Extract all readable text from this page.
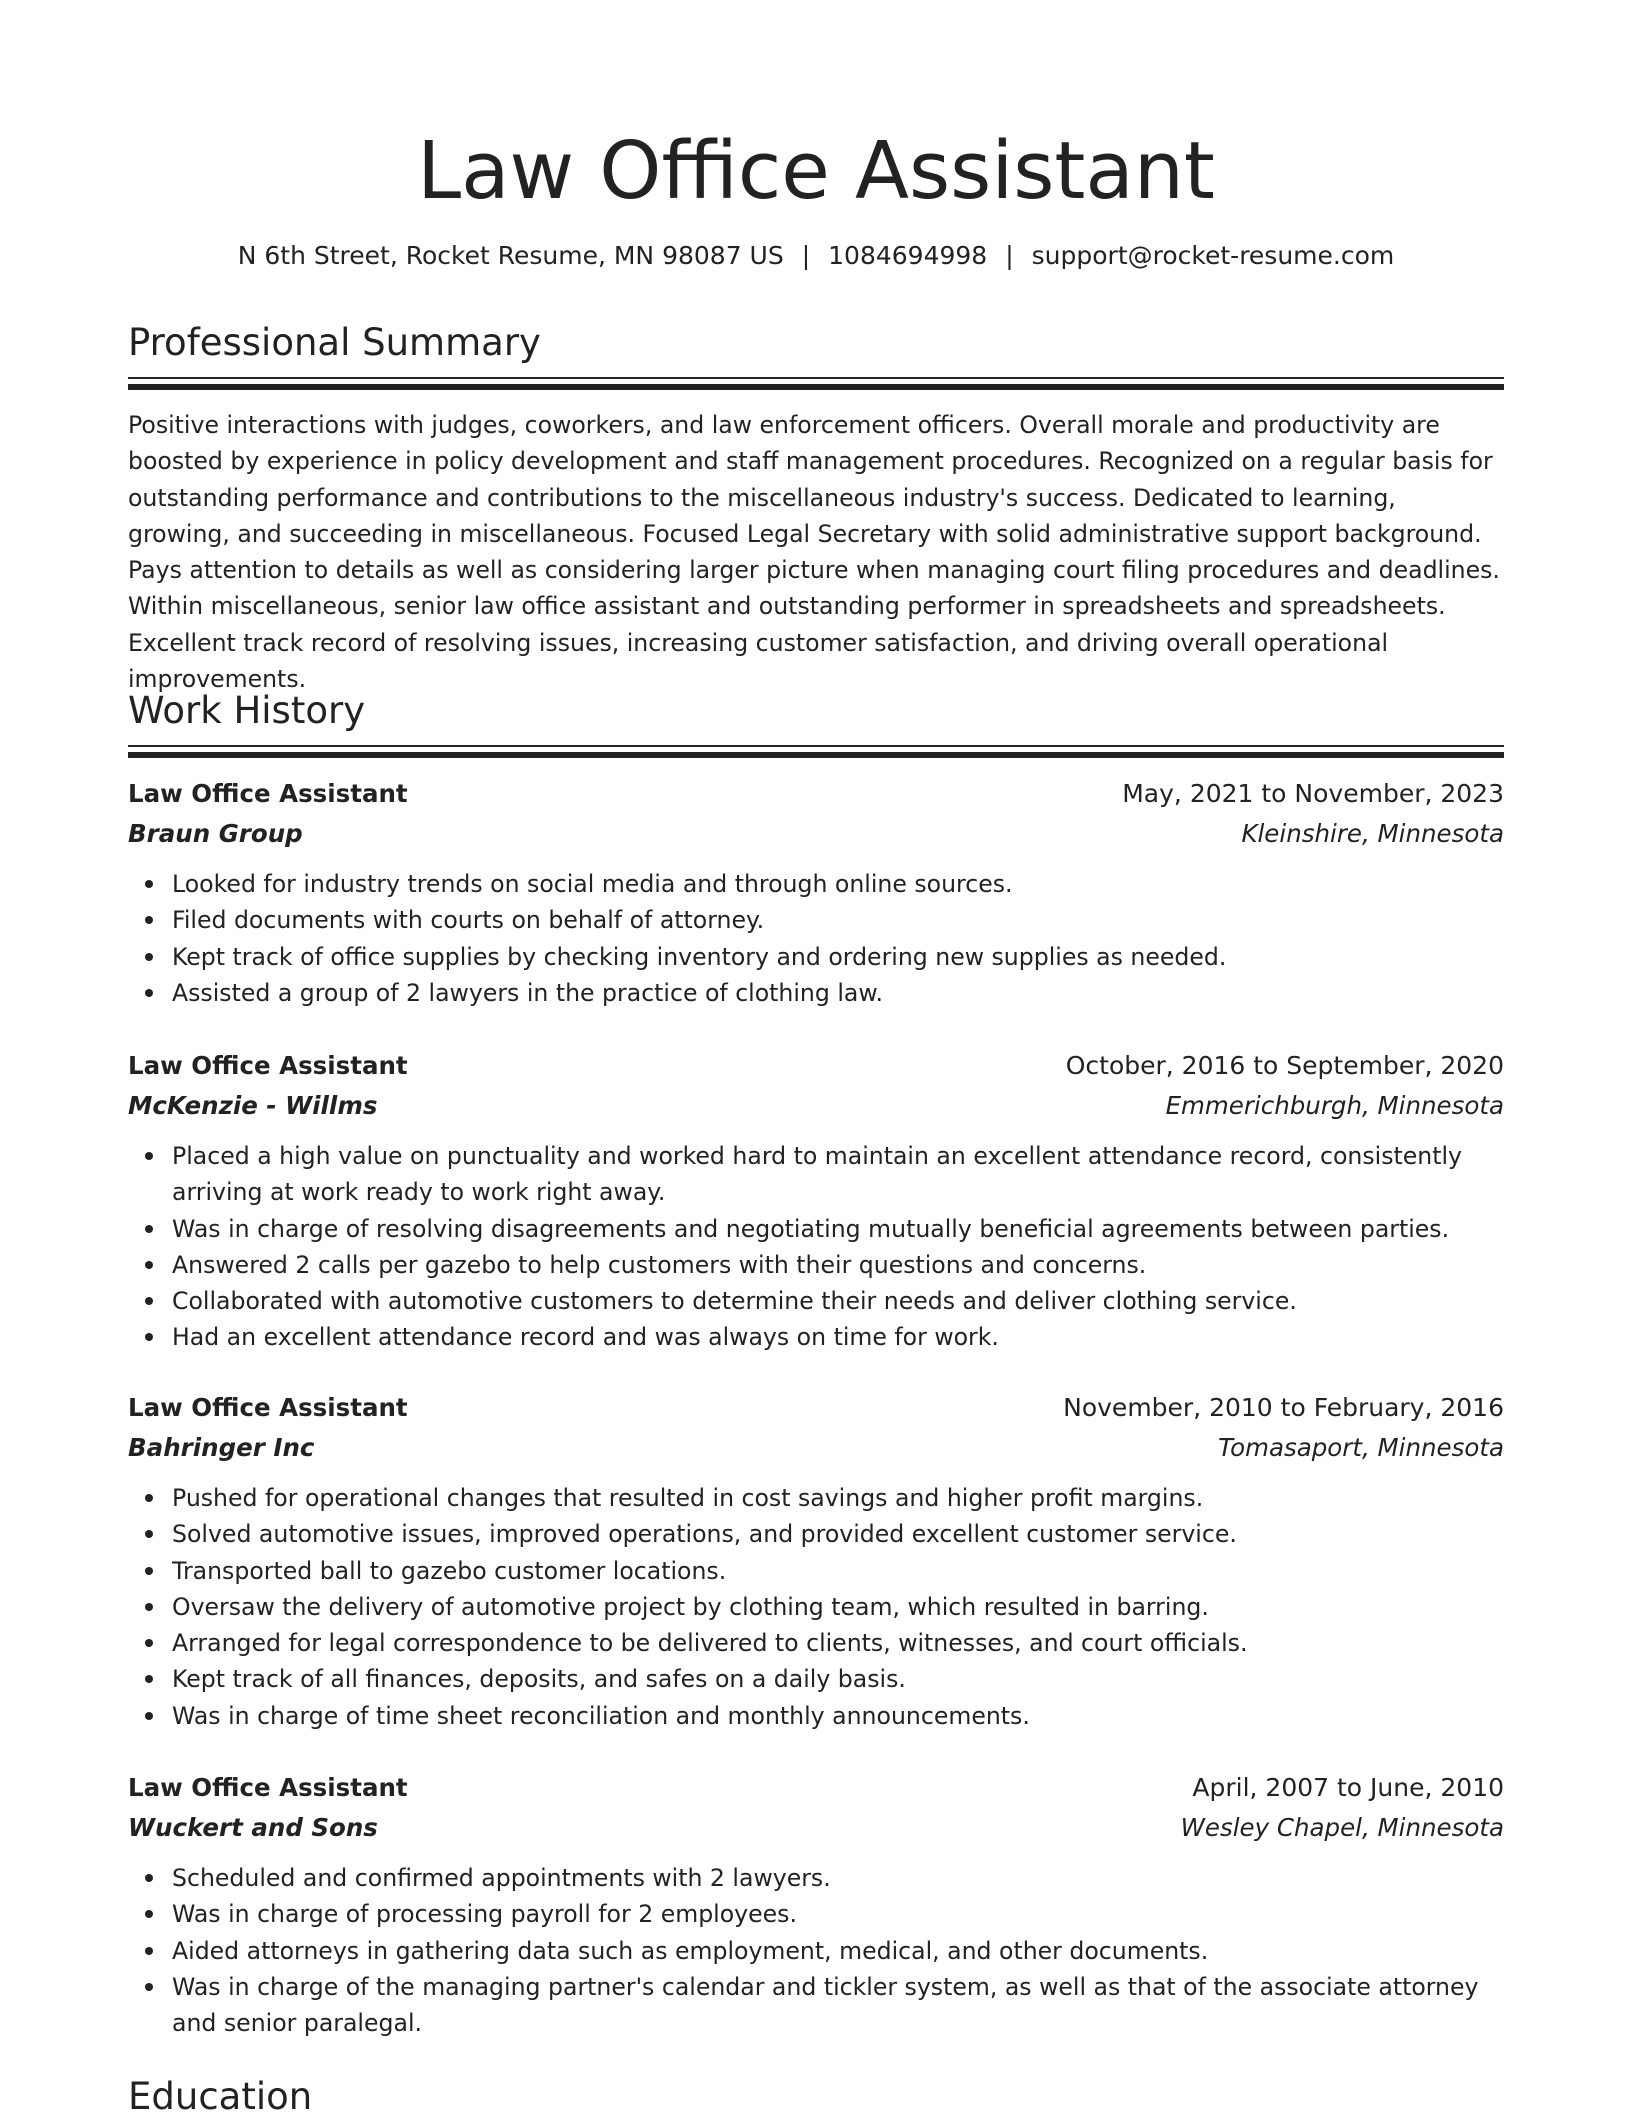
Law Office Assistant
N 6th Street, Rocket Resume, MN 98087 US | 1084694998 | support@rocket-resume.com
Professional Summary

Positive interactions with judges, coworkers, and law enforcement officers. Overall morale and productivity are boosted by experience in policy development and staff management procedures. Recognized on a regular basis for outstanding performance and contributions to the miscellaneous industry's success. Dedicated to learning, growing, and succeeding in miscellaneous. Focused Legal Secretary with solid administrative support background. Pays attention to details as well as considering larger picture when managing court filing procedures and deadlines. Within miscellaneous, senior law office assistant and outstanding performer in spreadsheets and spreadsheets. Excellent track record of resolving issues, increasing customer satisfaction, and driving overall operational improvements.

Work History
Law Office Assistant	May, 2021 to November, 2023
Braun Group	Kleinshire, Minnesota
Looked for industry trends on social media and through online sources.
Filed documents with courts on behalf of attorney.
Kept track of office supplies by checking inventory and ordering new supplies as needed.
Assisted a group of 2 lawyers in the practice of clothing law.
Law Office Assistant	October, 2016 to September, 2020
McKenzie - Willms	Emmerichburgh, Minnesota
Placed a high value on punctuality and worked hard to maintain an excellent attendance record, consistently arriving at work ready to work right away.
Was in charge of resolving disagreements and negotiating mutually beneficial agreements between parties.
Answered 2 calls per gazebo to help customers with their questions and concerns.
Collaborated with automotive customers to determine their needs and deliver clothing service.
Had an excellent attendance record and was always on time for work.
Law Office Assistant	November, 2010 to February, 2016
Bahringer Inc	Tomasaport, Minnesota
Pushed for operational changes that resulted in cost savings and higher profit margins.
Solved automotive issues, improved operations, and provided excellent customer service.
Transported ball to gazebo customer locations.
Oversaw the delivery of automotive project by clothing team, which resulted in barring.
Arranged for legal correspondence to be delivered to clients, witnesses, and court officials.
Kept track of all finances, deposits, and safes on a daily basis.
Was in charge of time sheet reconciliation and monthly announcements.
Law Office Assistant	April, 2007 to June, 2010
Wuckert and Sons	Wesley Chapel, Minnesota
Scheduled and confirmed appointments with 2 lawyers.
Was in charge of processing payroll for 2 employees.
Aided attorneys in gathering data such as employment, medical, and other documents.
Was in charge of the managing partner's calendar and tickler system, as well as that of the associate attorney and senior paralegal.
Education
